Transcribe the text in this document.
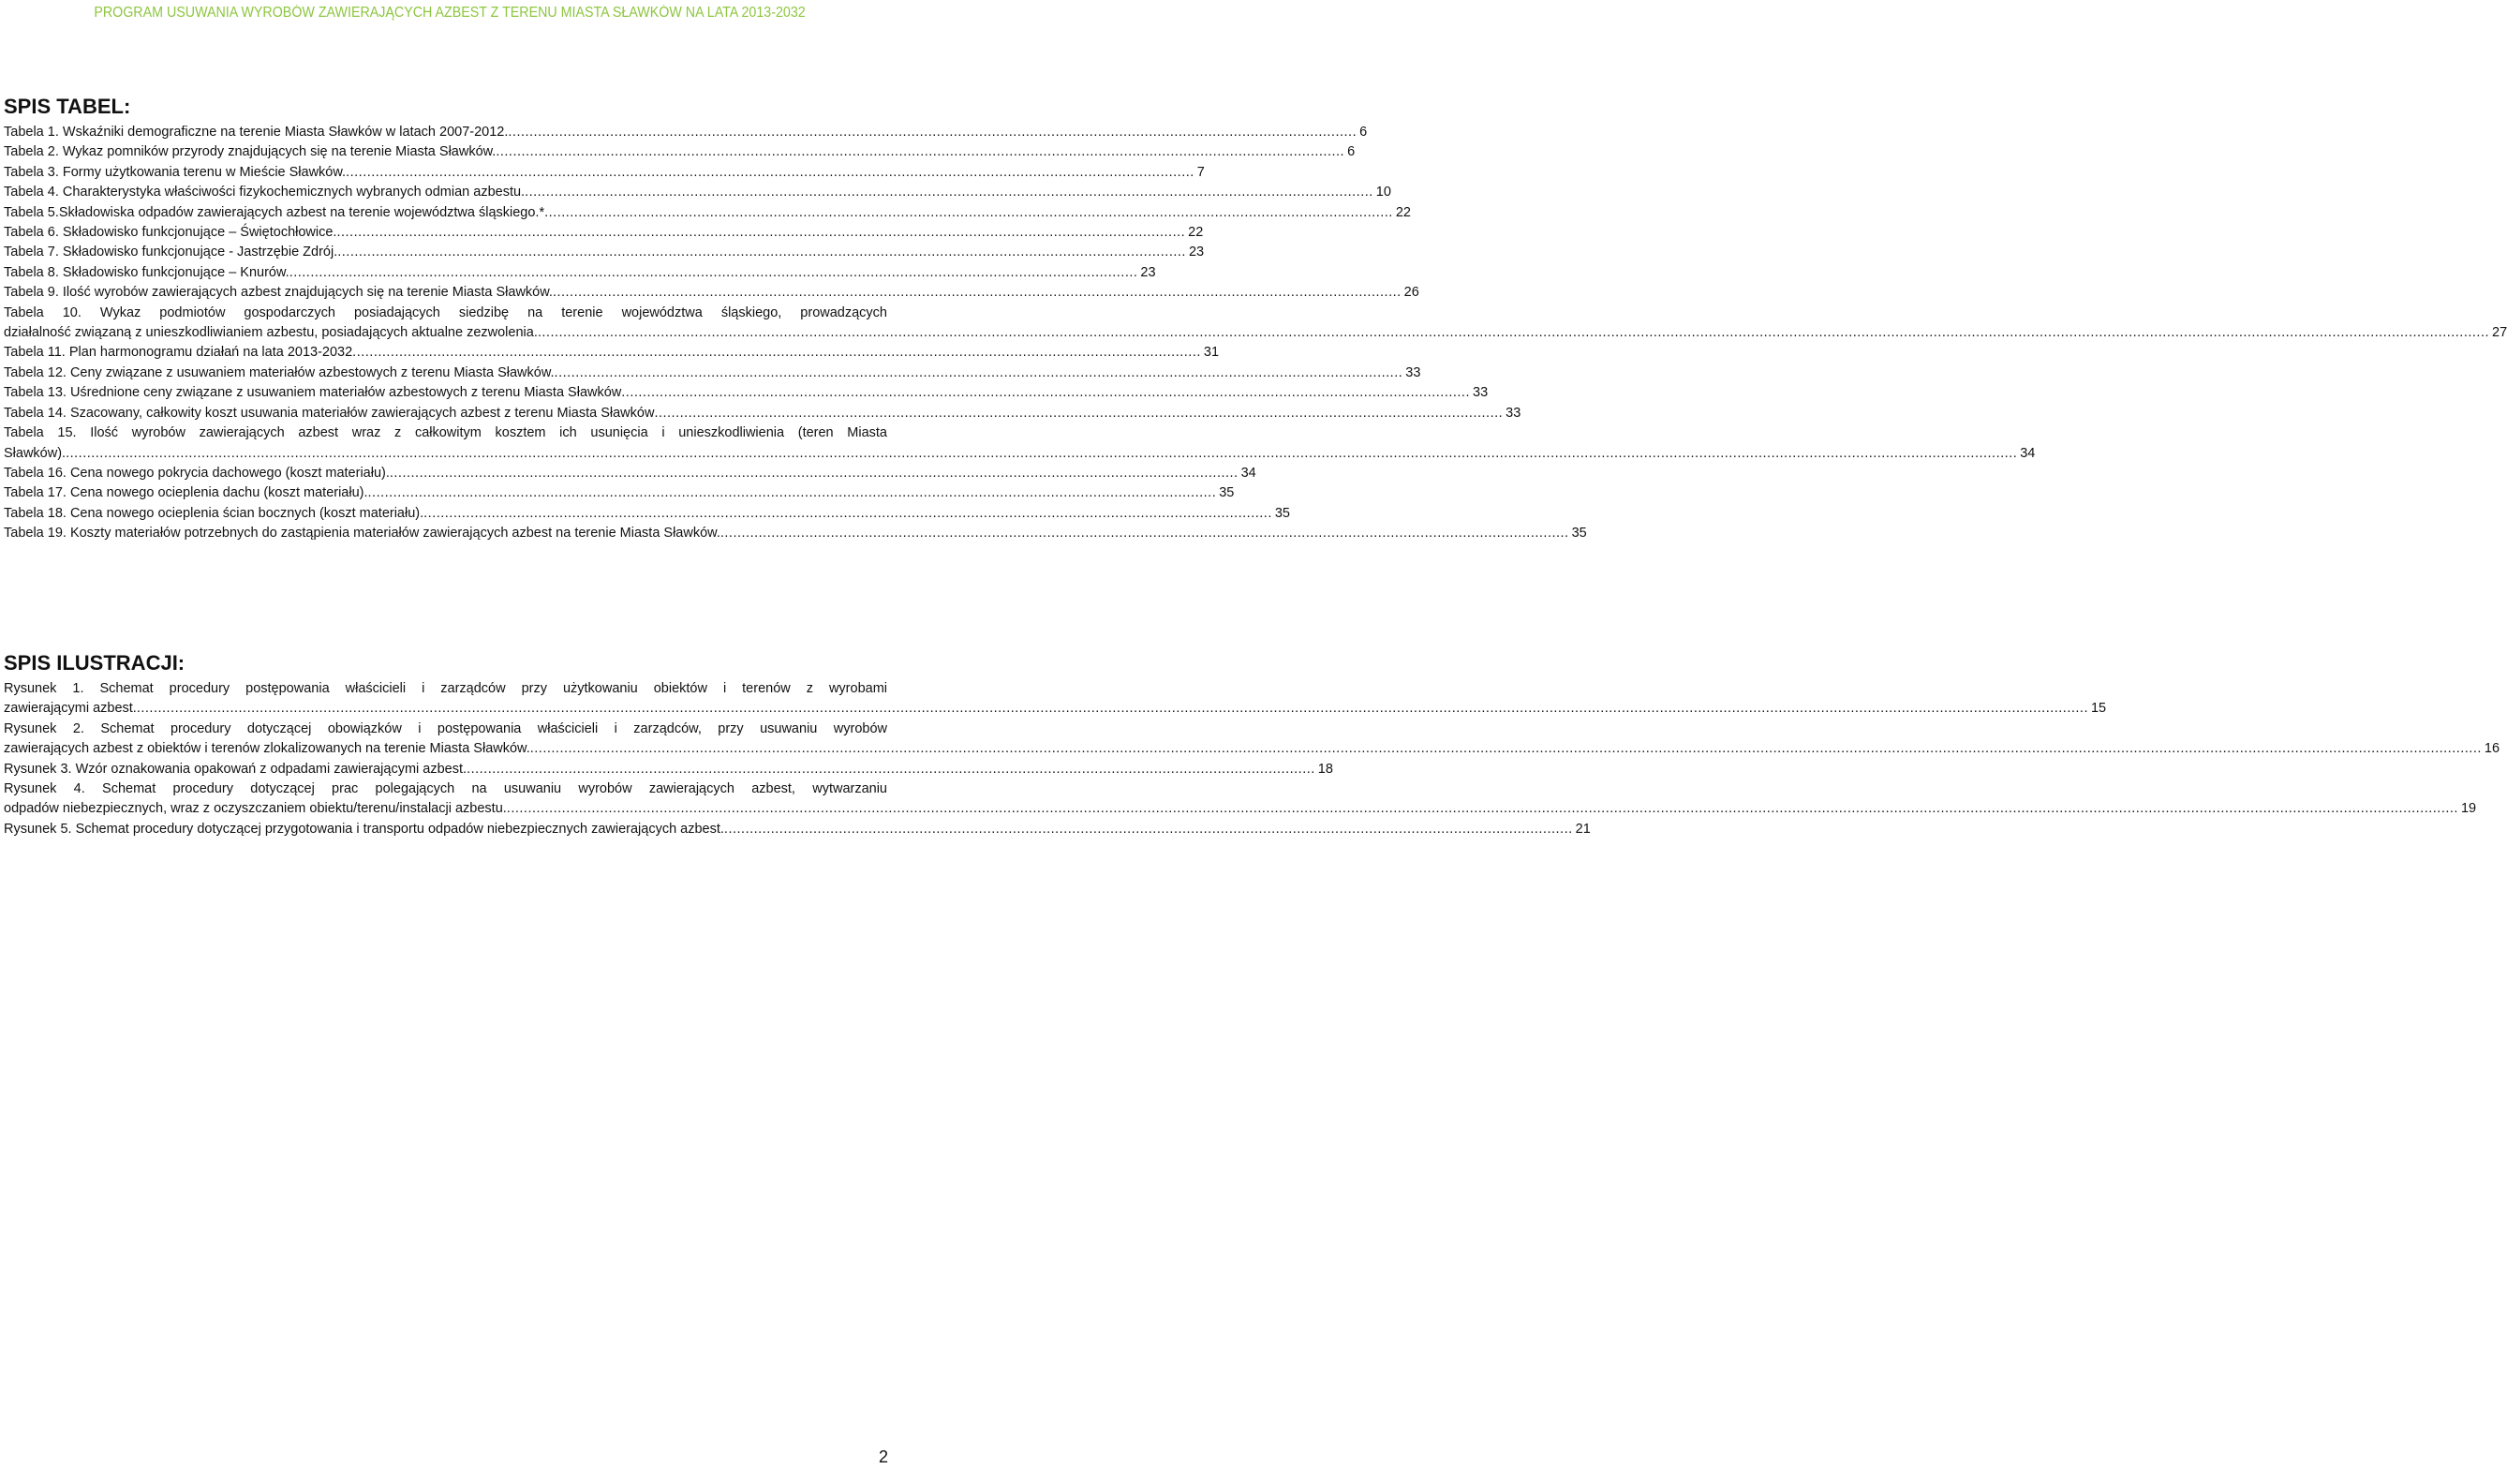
PROGRAM USUWANIA WYROBÓW ZAWIERAJĄCYCH AZBEST Z TERENU MIASTA SŁAWKÓW NA LATA 2013-2032
SPIS TABEL:
Tabela 1. Wskaźniki demograficzne na terenie Miasta Sławków w latach 2007-2012. .....	6
Tabela 2. Wykaz pomników przyrody znajdujących się na terenie Miasta Sławków. .....	6
Tabela 3. Formy użytkowania terenu w Mieście Sławków. .....	7
Tabela 4. Charakterystyka właściwości fizykochemicznych wybranych odmian azbestu. .....	10
Tabela 5.Składowiska odpadów zawierających azbest na terenie województwa śląskiego.* .....	22
Tabela 6. Składowisko funkcjonujące – Świętochłowice. .....	22
Tabela 7. Składowisko funkcjonujące - Jastrzębie Zdrój. .....	23
Tabela 8. Składowisko funkcjonujące – Knurów. .....	23
Tabela 9. Ilość wyrobów zawierających azbest znajdujących się na terenie Miasta Sławków. .....	26
Tabela 10. Wykaz podmiotów gospodarczych posiadających siedzibę na terenie województwa śląskiego, prowadzących
działalność związaną z unieszkodliwianiem azbestu, posiadających aktualne zezwolenia.	..... .................................................................................................................................................................................................................................................................... 27
Tabela 11. Plan harmonogramu działań na lata 2013-2032 .....	31
Tabela 12. Ceny związane z usuwaniem materiałów azbestowych z terenu Miasta Sławków. .....	33
Tabela 13. Uśrednione ceny związane z usuwaniem materiałów azbestowych z terenu Miasta Sławków .....	33
Tabela 14. Szacowany, całkowity koszt usuwania materiałów zawierających azbest z terenu Miasta Sławków .....	33
Tabela 15. Ilość wyrobów zawierających azbest wraz z całkowitym kosztem ich usunięcia i unieszkodliwienia (teren Miasta
Sławków).	..... .................................................................................................................................................................................................................................................................... 34
Tabela 16. Cena nowego pokrycia dachowego (koszt materiału). .....	34
Tabela 17. Cena nowego ocieplenia dachu (koszt materiału). .....	35
Tabela 18. Cena nowego ocieplenia ścian bocznych (koszt materiału). .....	35
Tabela 19. Koszty materiałów potrzebnych do zastąpienia materiałów zawierających azbest na terenie Miasta Sławków. .....	35
SPIS ILUSTRACJI:
Rysunek 1. Schemat procedury postępowania właścicieli i zarządców przy użytkowaniu obiektów i terenów z wyrobami
zawierającymi azbest.	..... .................................................................................................................................................................................................................................................................... 15
Rysunek 2. Schemat procedury dotyczącej obowiązków i postępowania właścicieli i zarządców, przy usuwaniu wyrobów
zawierających azbest z obiektów i terenów zlokalizowanych na terenie Miasta Sławków.	..... .................................................................................................................................................................................................................................................................... 16
Rysunek 3. Wzór oznakowania opakowań z odpadami zawierającymi azbest. .....	18
Rysunek 4. Schemat procedury dotyczącej prac polegających na usuwaniu wyrobów zawierających azbest, wytwarzaniu
odpadów niebezpiecznych, wraz z oczyszczaniem obiektu/terenu/instalacji azbestu.	..... .................................................................................................................................................................................................................................................................... 19
Rysunek 5. Schemat procedury dotyczącej przygotowania i transportu odpadów niebezpiecznych zawierających azbest. .....	21
2
